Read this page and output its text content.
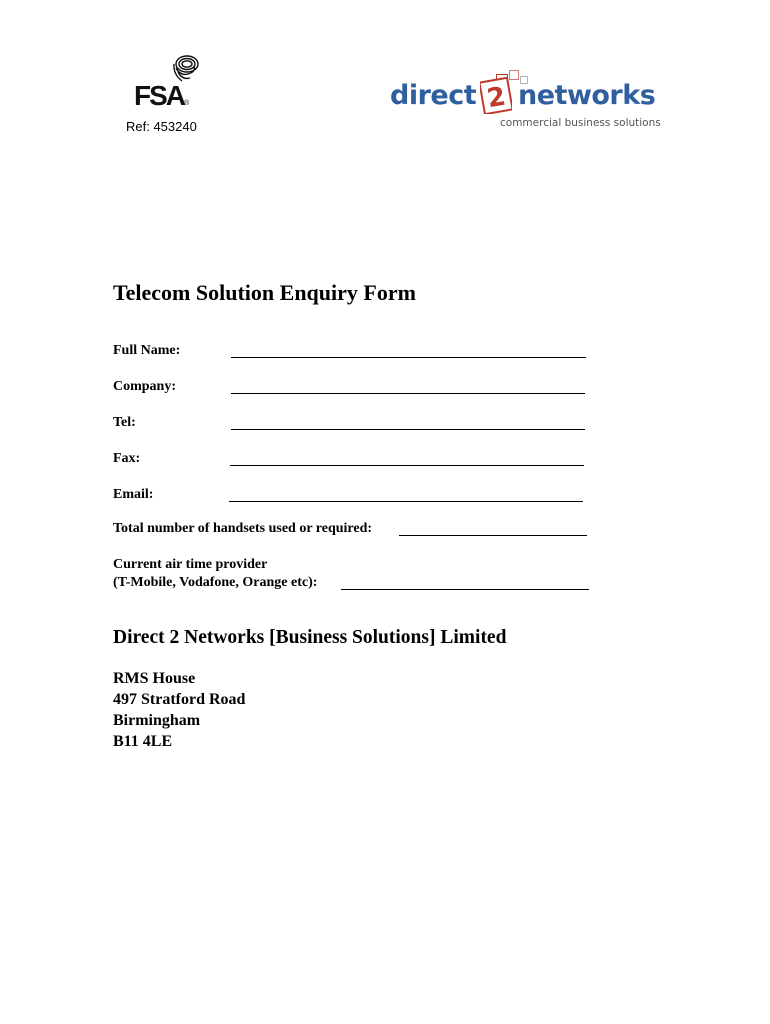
FSA®
Ref: 453240
2
direct networks
commercial business solutions
Telecom Solution Enquiry Form
Full Name:
Company:
Tel:
Fax:
Email:
Total number of handsets used or required:
Current air time provider
(T-Mobile, Vodafone, Orange etc):
Direct 2 Networks [Business Solutions] Limited
RMS House
497 Stratford Road
Birmingham
B11 4LE
